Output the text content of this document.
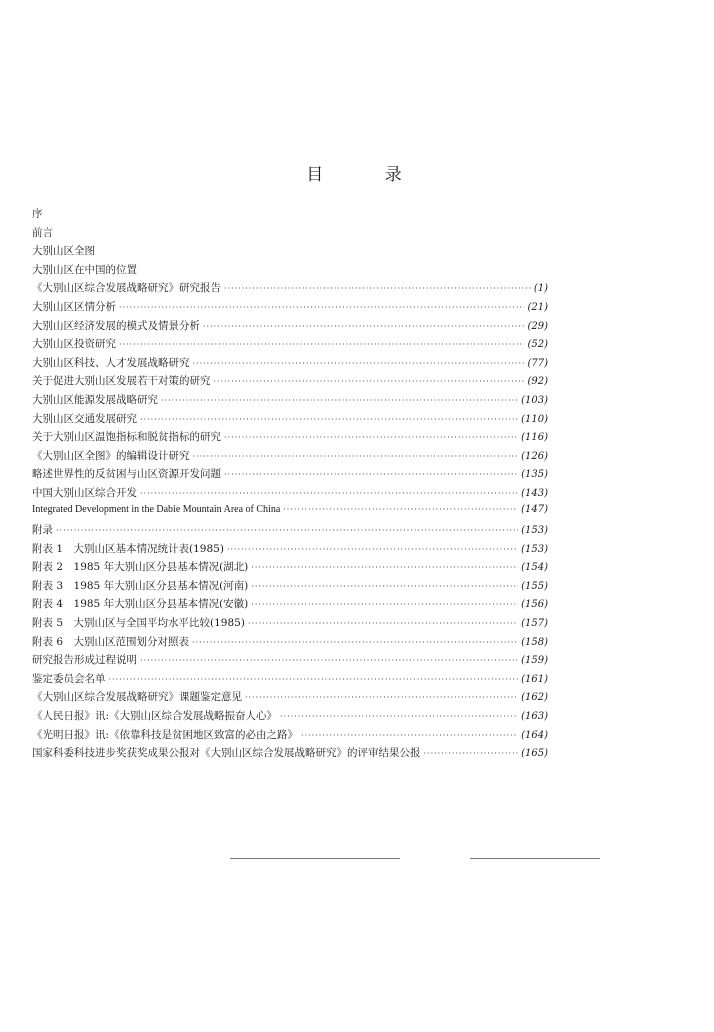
目 录
序
前言
大别山区全图
大别山区在中国的位置
《大别山区综合发展战略研究》研究报告 ·····	(1)
大别山区区情分析 ·····	(21)
大别山区经济发展的模式及情景分析 ·····	(29)
大别山区投资研究 ·····	(52)
大别山区科技、人才发展战略研究 ·····	(77)
关于促进大别山区发展若干对策的研究 ·····	(92)
大别山区能源发展战略研究 ·····	(103)
大别山区交通发展研究 ·····	(110)
关于大别山区温饱指标和脱贫指标的研究 ·····	(116)
《大别山区全图》的编辑设计研究 ·····	(126)
略述世界性的反贫困与山区资源开发问题 ·····	(135)
中国大别山区综合开发 ·····	(143)
Integrated Development in the Dabie Mountain Area of China ·····	(147)
附录 ·····	(153)
附表 1　大别山区基本情况统计表(1985) ·····	(153)
附表 2　1985 年大别山区分县基本情况(湖北) ·····	(154)
附表 3　1985 年大别山区分县基本情况(河南) ·····	(155)
附表 4　1985 年大别山区分县基本情况(安徽) ·····	(156)
附表 5　大别山区与全国平均水平比较(1985) ·····	(157)
附表 6　大别山区范围划分对照表 ·····	(158)
研究报告形成过程说明 ·····	(159)
鉴定委员会名单 ·····	(161)
《大别山区综合发展战略研究》课题鉴定意见 ·····	(162)
《人民日报》讯:《大别山区综合发展战略振奋人心》 ·····	(163)
《光明日报》讯:《依靠科技是贫困地区致富的必由之路》 ·····	(164)
国家科委科技进步奖获奖成果公报对《大别山区综合发展战略研究》的评审结果公报 ·····	(165)
